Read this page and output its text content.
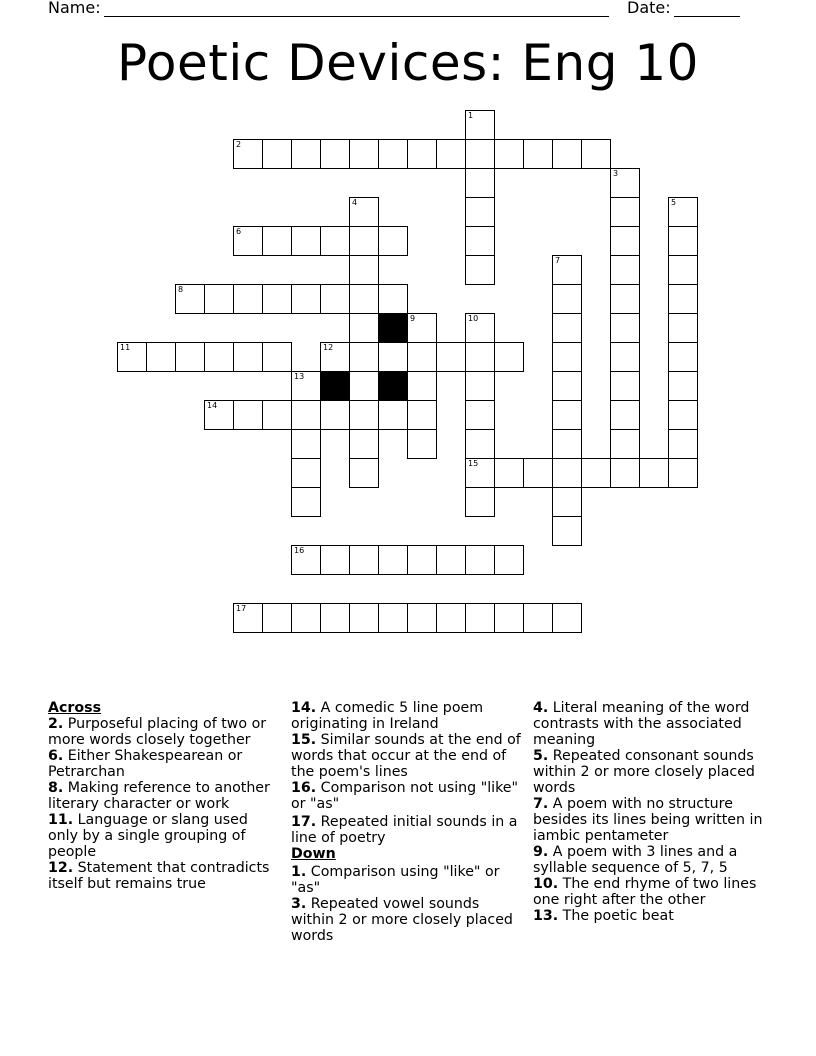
Name:	Date:
Poetic Devices: Eng 10
1
2
3
4	5
6
7
8
9	10
15
11	12
13
14
16
17
Across
2. Purposeful placing of two or more words closely together
6. Either Shakespearean or Petrarchan
8. Making reference to another literary character or work
11. Language or slang used only by a single grouping of people
12. Statement that contradicts itself but remains true
14. A comedic 5 line poem originating in Ireland
15. Similar sounds at the end of words that occur at the end of the poem's lines
16. Comparison not using "like" or "as"
17. Repeated initial sounds in a line of poetry
Down
1. Comparison using "like" or "as"
3. Repeated vowel sounds within 2 or more closely placed words
4. Literal meaning of the word contrasts with the associated meaning
5. Repeated consonant sounds within 2 or more closely placed words
7. A poem with no structure besides its lines being written in iambic pentameter
9. A poem with 3 lines and a syllable sequence of 5, 7, 5
10. The end rhyme of two lines one right after the other
13. The poetic beat
